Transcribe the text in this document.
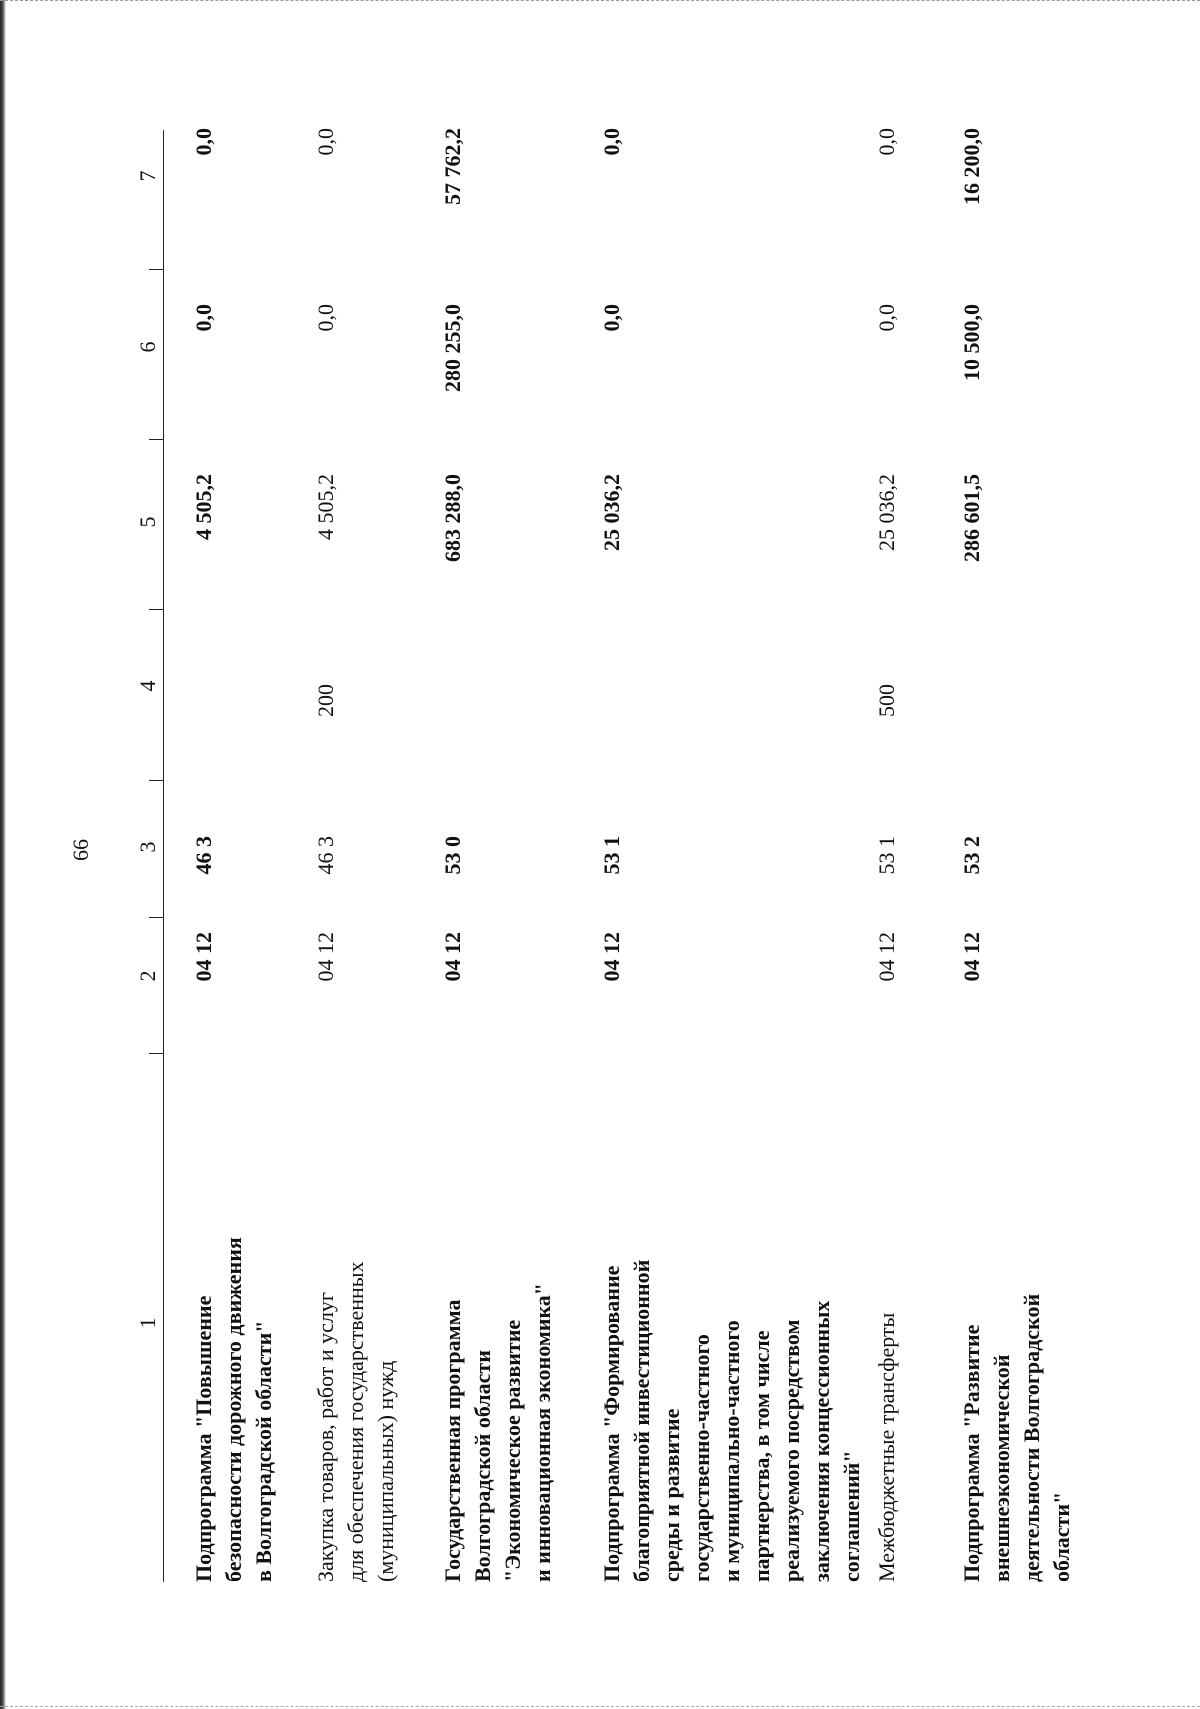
66
1
2
3
4
5
6
7
Подпрограмма "Повышение безопасности дорожного движения в Волгоградской области"
04 12
46 3
4 505,2
0,0
0,0
Закупка товаров, работ и услуг для обеспечения государственных (муниципальных) нужд
04 12
46 3
200
4 505,2
0,0
0,0
Государственная программа Волгоградской области "Экономическое развитие и инновационная экономика"
04 12
53 0
683 288,0
280 255,0
57 762,2
Подпрограмма "Формирование благоприятной инвестиционной среды и развитие государственно-частного и муниципально-частного партнерства, в том числе реализуемого посредством заключения концессионных соглашений"
04 12
53 1
25 036,2
0,0
0,0
Межбюджетные трансферты
04 12
53 1
500
25 036,2
0,0
0,0
Подпрограмма "Развитие внешнеэкономической деятельности Волгоградской области"
04 12
53 2
286 601,5
10 500,0
16 200,0
